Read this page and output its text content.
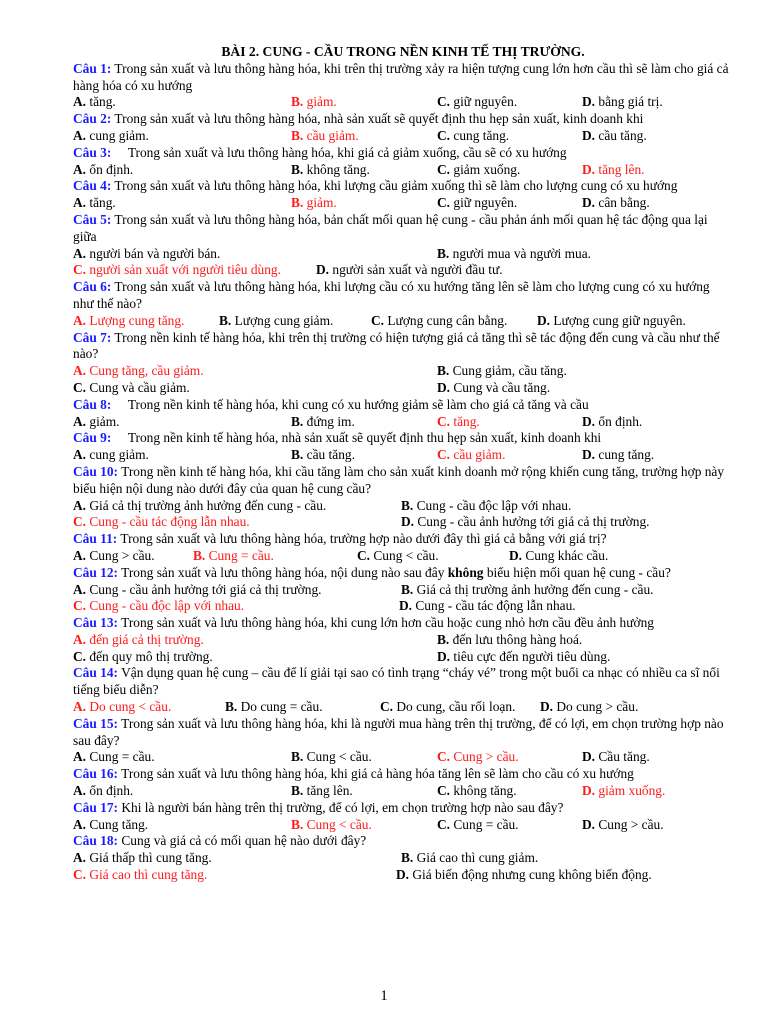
BÀI 2. CUNG - CẦU TRONG NỀN KINH TẾ THỊ TRƯỜNG.
Câu 1: Trong sản xuất và lưu thông hàng hóa, khi trên thị trường xảy ra hiện tượng cung lớn hơn cầu thì sẽ làm cho giá cả hàng hóa có xu hướng
A. tăng.	B. giảm.	C. giữ nguyên.	D. bằng giá trị.
Câu 2: Trong sản xuất và lưu thông hàng hóa, nhà sản xuất sẽ quyết định thu hẹp sản xuất, kinh doanh khi
A. cung giảm.	B. cầu giảm.	C. cung tăng.	D. cầu tăng.
Câu 3:     Trong sản xuất và lưu thông hàng hóa, khi giá cả giảm xuống, cầu sẽ có xu hướng
A. ổn định.	B. không tăng.	C. giảm xuống.	D. tăng lên.
Câu 4: Trong sản xuất và lưu thông hàng hóa, khi lượng cầu giảm xuống thì sẽ làm cho lượng cung có xu hướng
A. tăng.	B. giảm.	C. giữ nguyên.	D. cân bằng.
Câu 5: Trong sản xuất và lưu thông hàng hóa, bản chất mối quan hệ cung - cầu phản ánh mối quan hệ tác động qua lại giữa
A. người bán và người bán.	B. người mua và người mua.
C. người sản xuất với người tiêu dùng.	D. người sản xuất và người đầu tư.
Câu 6: Trong sản xuất và lưu thông hàng hóa, khi lượng cầu có xu hướng tăng lên sẽ làm cho lượng cung có xu hướng như thế nào?
A. Lượng cung tăng.	B. Lượng cung giảm.	C. Lượng cung cân bằng. D. Lượng cung giữ nguyên.
Câu 7: Trong nền kinh tế hàng hóa, khi trên thị trường có hiện tượng giá cả tăng thì sẽ tác động đến cung và cầu như thế nào?
A. Cung tăng, cầu giảm.	B. Cung giảm, cầu tăng.
C. Cung và cầu giảm.	D. Cung và cầu tăng.
Câu 8:     Trong nền kinh tế hàng hóa, khi cung có xu hướng giảm sẽ làm cho giá cả tăng và cầu
A. giảm.	B. đứng im.	C. tăng.	D. ổn định.
Câu 9:     Trong nền kinh tế hàng hóa, nhà sản xuất sẽ quyết định thu hẹp sản xuất, kinh doanh khi
A. cung giảm.	B. cầu tăng.	C. cầu giảm.	D. cung tăng.
Câu 10: Trong nền kinh tế hàng hóa, khi cầu tăng làm cho sản xuất kinh doanh mở rộng khiến cung tăng, trường hợp này biểu hiện nội dung nào dưới đây của quan hệ cung cầu?
A. Giá cả thị trường ảnh hưởng đến cung - cầu.	B. Cung - cầu độc lập với nhau.
C. Cung - cầu tác động lẫn nhau.	D. Cung - cầu ảnh hưởng tới giá cả thị trường.
Câu 11: Trong sản xuất và lưu thông hàng hóa, trường hợp nào dưới đây thì giá cả bằng với giá trị?
A. Cung > cầu.	B. Cung = cầu.	C. Cung < cầu.	D. Cung khác cầu.
Câu 12: Trong sản xuất và lưu thông hàng hóa, nội dung nào sau đây không biểu hiện mối quan hệ cung - cầu?
A. Cung - cầu ảnh hưởng tới giá cả thị trường.	B. Giá cả thị trường ảnh hưởng đến cung - cầu.
C. Cung - cầu độc lập với nhau.	D. Cung - cầu tác động lẫn nhau.
Câu 13: Trong sản xuất và lưu thông hàng hóa, khi cung lớn hơn cầu hoặc cung nhỏ hơn cầu đều ảnh hưởng
A. đến giá cả thị trường.	B. đến lưu thông hàng hoá.
C. đến quy mô thị trường.	D. tiêu cực đến người tiêu dùng.
Câu 14: Vận dụng quan hệ cung – cầu để lí giải tại sao có tình trạng “cháy vé” trong một buổi ca nhạc có nhiều ca sĩ nổi tiếng biểu diễn?
A. Do cung < cầu.	B. Do cung = cầu.	C. Do cung, cầu rối loạn. D. Do cung > cầu.
Câu 15: Trong sản xuất và lưu thông hàng hóa, khi là người mua hàng trên thị trường, để có lợi, em chọn trường hợp nào sau đây?
A. Cung = cầu.	B. Cung < cầu.	C. Cung > cầu.	D. Cầu tăng.
Câu 16: Trong sản xuất và lưu thông hàng hóa, khi giá cả hàng hóa tăng lên sẽ làm cho cầu có xu hướng
A. ổn định.	B. tăng lên.	C. không tăng.	D. giảm xuống.
Câu 17: Khi là người bán hàng trên thị trường, để có lợi, em chọn trường hợp nào sau đây?
A. Cung tăng.	B. Cung < cầu.	C. Cung = cầu.	D. Cung > cầu.
Câu 18: Cung và giá cả có mối quan hệ nào dưới đây?
A. Giá thấp thì cung tăng.	B. Giá cao thì cung giảm.
C. Giá cao thì cung tăng.	D. Giá biến động nhưng cung không biến động.
1
